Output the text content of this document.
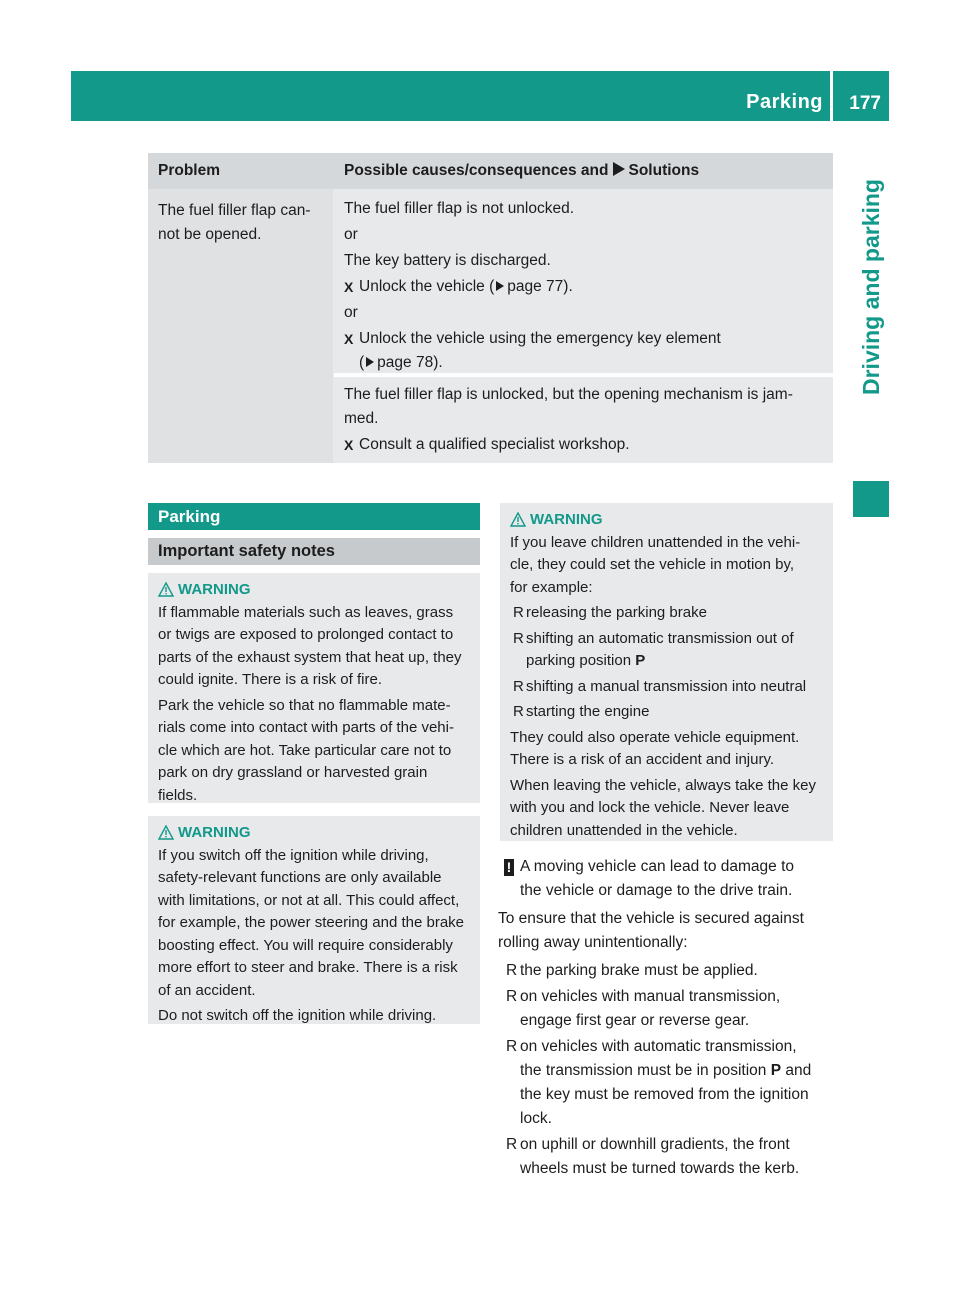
Parking 177
Driving and parking
Problem	Possible causes/consequences and Solutions
The fuel filler flap can-
not be opened.
The fuel filler flap is not unlocked.
or
The key battery is discharged.
X Unlock the vehicle ( page 77).
or
X Unlock the vehicle using the emergency key element
( page 78).
The fuel filler flap is unlocked, but the opening mechanism is jam-
med.
X Consult a qualified specialist workshop.
Parking
Important safety notes
WARNING
If flammable materials such as leaves, grass
or twigs are exposed to prolonged contact to
parts of the exhaust system that heat up, they
could ignite. There is a risk of fire.
Park the vehicle so that no flammable mate-
rials come into contact with parts of the vehi-
cle which are hot. Take particular care not to
park on dry grassland or harvested grain
fields.
WARNING
If you switch off the ignition while driving,
safety-relevant functions are only available
with limitations, or not at all. This could affect,
for example, the power steering and the brake
boosting effect. You will require considerably
more effort to steer and brake. There is a risk
of an accident.
Do not switch off the ignition while driving.
WARNING
If you leave children unattended in the vehi-
cle, they could set the vehicle in motion by,
for example:
R releasing the parking brake
R shifting an automatic transmission out of
parking position P
R shifting a manual transmission into neutral
R starting the engine
They could also operate vehicle equipment.
There is a risk of an accident and injury.
When leaving the vehicle, always take the key
with you and lock the vehicle. Never leave
children unattended in the vehicle.
! A moving vehicle can lead to damage to
the vehicle or damage to the drive train.
To ensure that the vehicle is secured against
rolling away unintentionally:
R the parking brake must be applied.
R on vehicles with manual transmission,
engage first gear or reverse gear.
R on vehicles with automatic transmission,
the transmission must be in position P and
the key must be removed from the ignition
lock.
R on uphill or downhill gradients, the front
wheels must be turned towards the kerb.
